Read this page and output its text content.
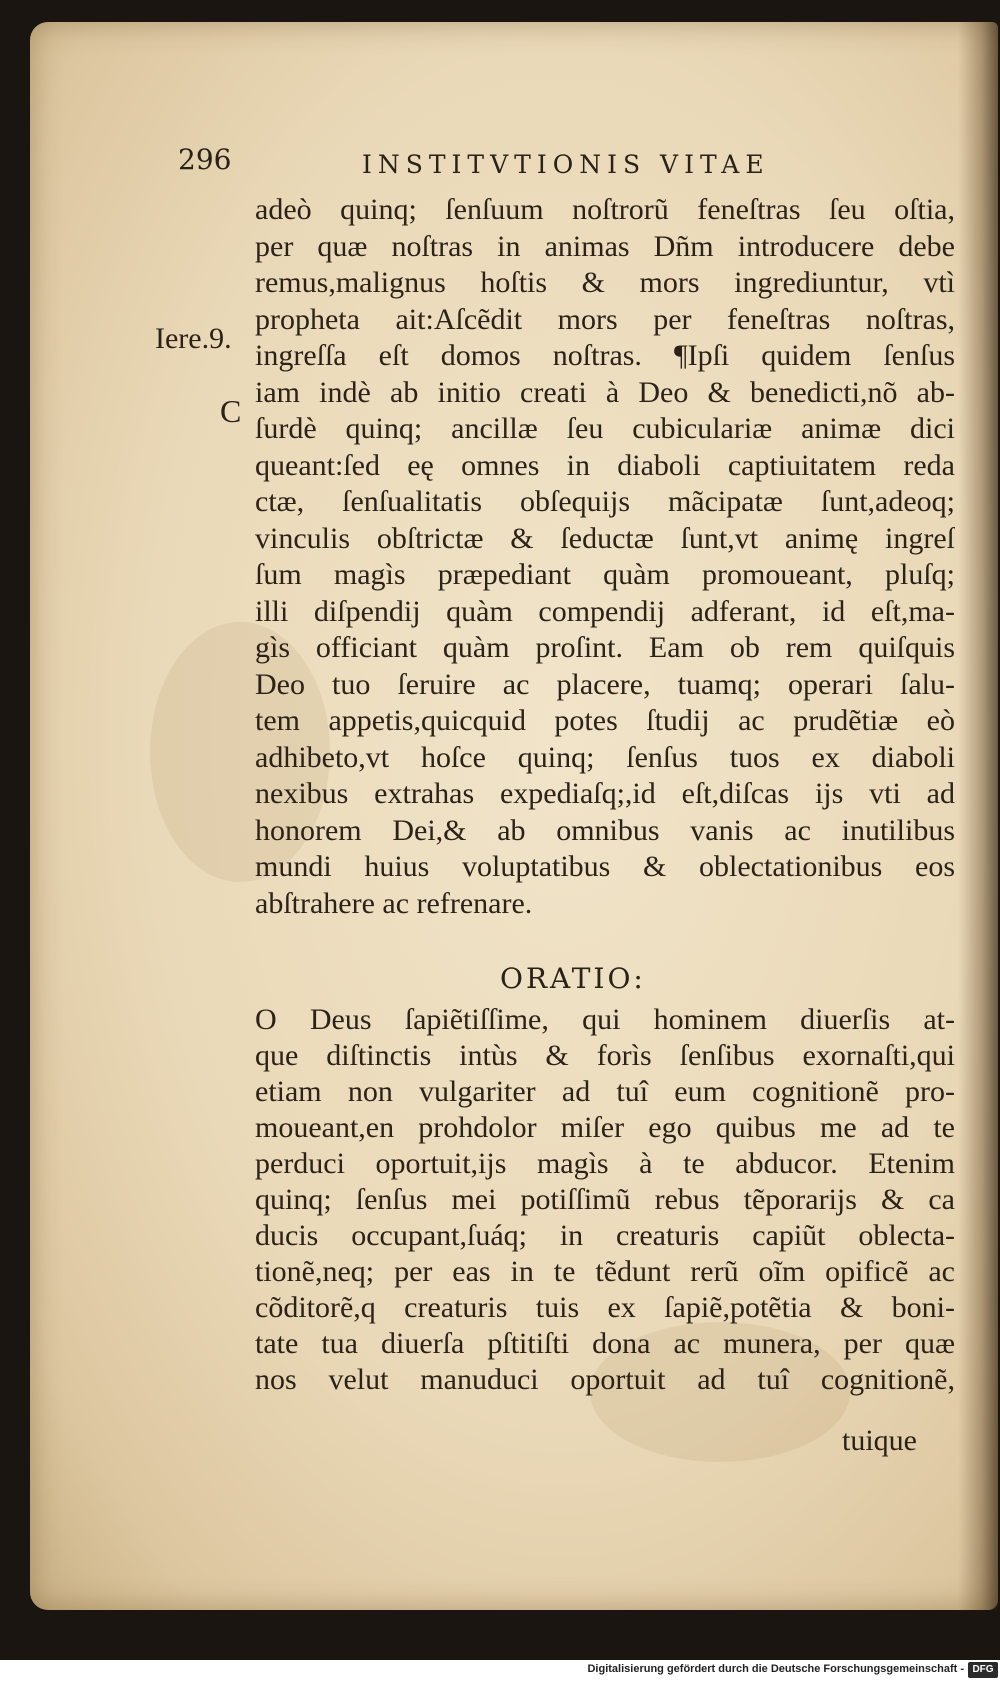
296	INSTITVTIONIS VITAE
Iere.9.
C
adeò quinq; ſenſuum noſtrorũ feneſtras ſeu oſtia,
per quæ noſtras in animas Dñm introducere debe
remus,malignus hoſtis & mors ingrediuntur, vtì
propheta ait:Aſcẽdit mors per feneſtras noſtras,
ingreſſa eſt domos noſtras. ¶Ipſi quidem ſenſus
iam indè ab initio creati à Deo & benedicti,nõ ab-
ſurdè quinq; ancillæ ſeu cubiculariæ animæ dici
queant:ſed eę omnes in diaboli captiuitatem reda
ctæ, ſenſualitatis obſequijs mãcipatæ ſunt,adeoq;
vinculis obſtrictæ & ſeductæ ſunt,vt animę ingreſ
ſum magìs præpediant quàm promoueant, pluſq;
illi diſpendij quàm compendij adferant, id eſt,ma-
gìs officiant quàm proſint. Eam ob rem quiſquis
Deo tuo ſeruire ac placere, tuamq; operari ſalu-
tem appetis,quicquid potes ſtudij ac prudẽtiæ eò
adhibeto,vt hoſce quinq; ſenſus tuos ex diaboli
nexibus extrahas expediaſq;,id eſt,diſcas ijs vti ad
honorem Dei,& ab omnibus vanis ac inutilibus
mundi huius voluptatibus & oblectationibus eos
abſtrahere ac refrenare.
ORATIO:
O Deus ſapiẽtiſſime, qui hominem diuerſis at-
que diſtinctis intùs & forìs ſenſibus exornaſti,qui
etiam non vulgariter ad tuî eum cognitionẽ pro-
moueant,en prohdolor miſer ego quibus me ad te
perduci oportuit,ijs magìs à te abducor. Etenim
quinq; ſenſus mei potiſſimũ rebus tẽporarijs & ca
ducis occupant,ſuáq; in creaturis capiũt oblecta-
tionẽ,neq; per eas in te tẽdunt rerũ oĩm opificẽ ac
cõditorẽ,q creaturis tuis ex ſapiẽ,potẽtia & boni-
tate tua diuerſa pſtitiſti dona ac munera, per quæ
nos velut manuduci oportuit ad tuî cognitionẽ,
tuique
Digitalisierung gefördert durch die Deutsche Forschungsgemeinschaft - DFG
